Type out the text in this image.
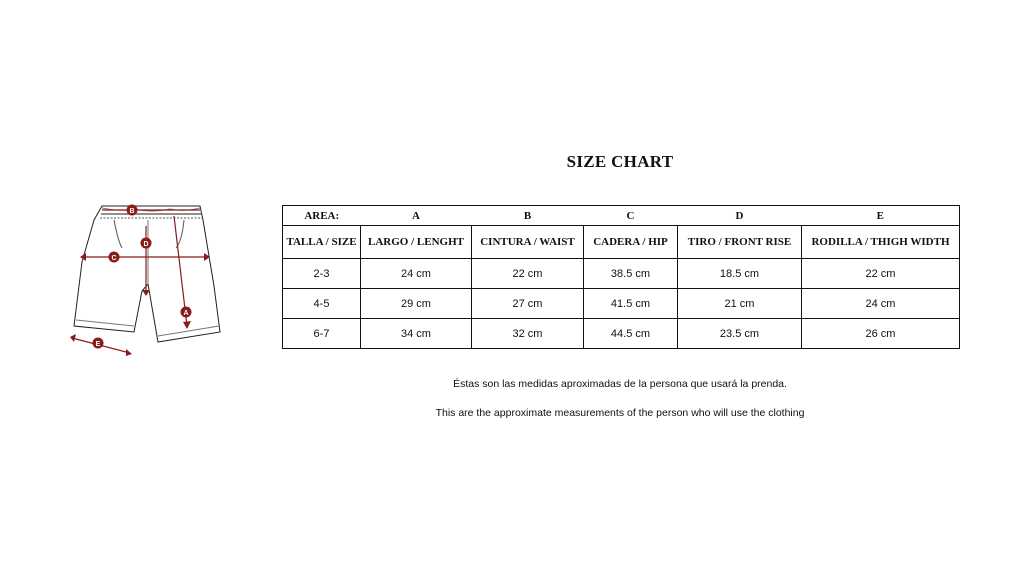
SIZE CHART
B
D
C
A
E
AREA:	A	B	C	D	E
TALLA / SIZE	LARGO / LENGHT	CINTURA / WAIST	CADERA / HIP	TIRO / FRONT RISE	RODILLA / THIGH WIDTH
2-3	24 cm	22 cm	38.5 cm	18.5 cm	22 cm
4-5	29 cm	27 cm	41.5 cm	21 cm	24 cm
6-7	34 cm	32 cm	44.5 cm	23.5 cm	26 cm
Éstas son las medidas aproximadas de la persona que usará la prenda.
This are the approximate measurements of the person who will use the clothing
